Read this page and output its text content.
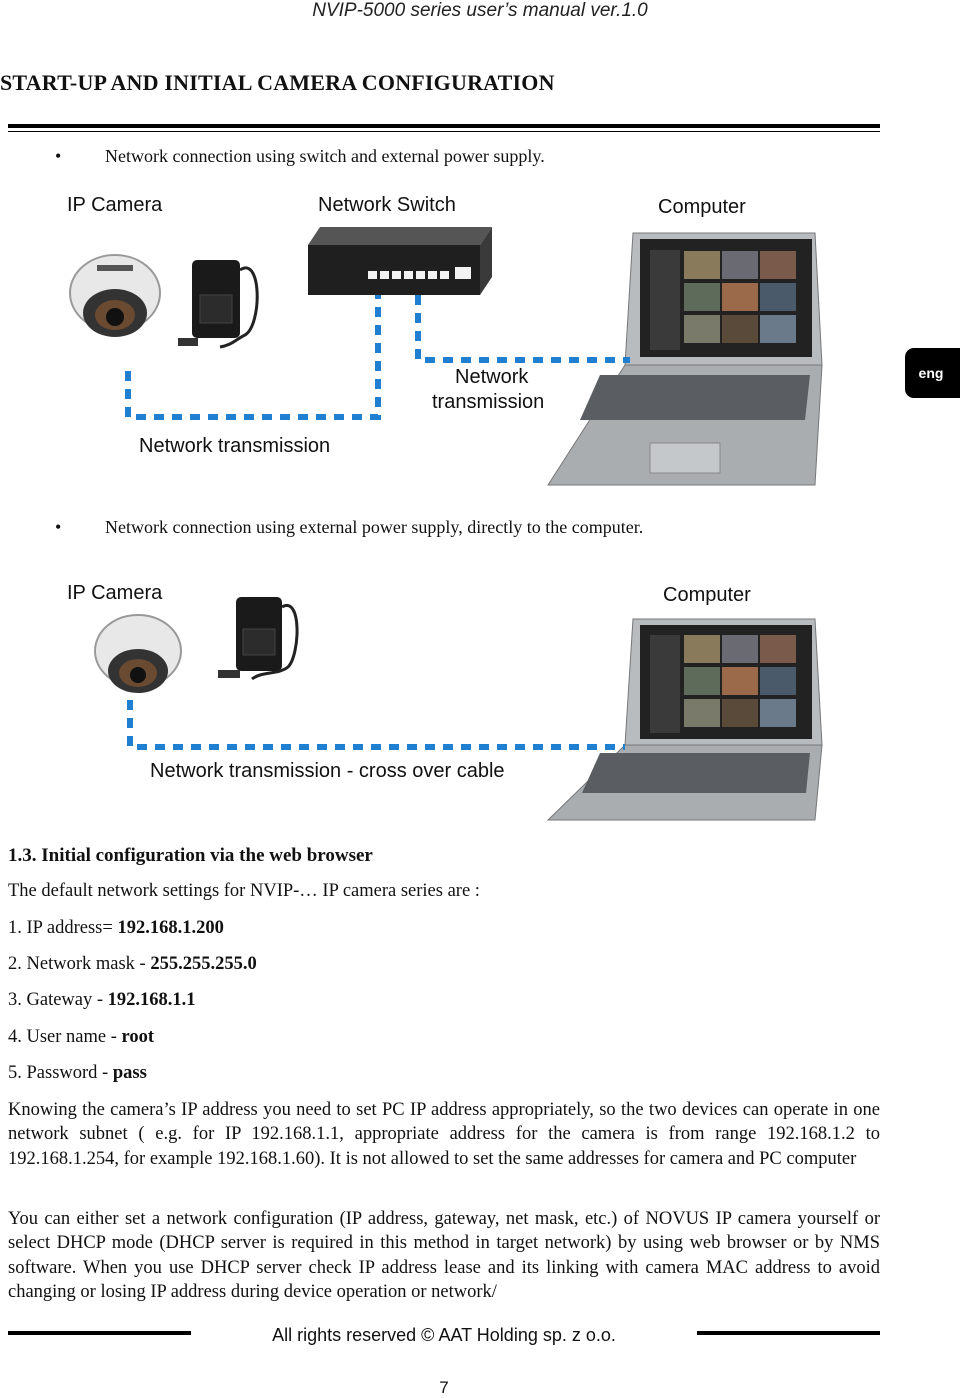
NVIP-5000 series user’s manual ver.1.0
START-UP AND INITIAL CAMERA CONFIGURATION
eng
• Network connection using switch and external power supply.
IP Camera	Network Switch	Computer
Network
transmission
Network transmission
• Network connection using external power supply, directly to the computer.
IP Camera	Computer
Network transmission - cross over cable
1.3. Initial configuration via the web browser
The default network settings for NVIP-… IP camera series are :
1. IP address= 192.168.1.200
2. Network mask - 255.255.255.0
3. Gateway - 192.168.1.1
4. User name - root
5. Password - pass
Knowing the camera’s IP address you need to set PC IP address appropriately, so the two devices can operate in one network subnet ( e.g. for IP 192.168.1.1, appropriate address for the camera is from range 192.168.1.2 to 192.168.1.254, for example 192.168.1.60). It is not allowed to set the same addresses for camera and PC computer
You can either set a network configuration (IP address, gateway, net mask, etc.) of NOVUS IP camera yourself or select DHCP mode (DHCP server is required in this method in target network) by using web browser or by NMS software. When you use DHCP server check IP address lease and its linking with camera MAC address to avoid changing or losing IP address during device operation or network/
All rights reserved © AAT Holding sp. z o.o.
7
